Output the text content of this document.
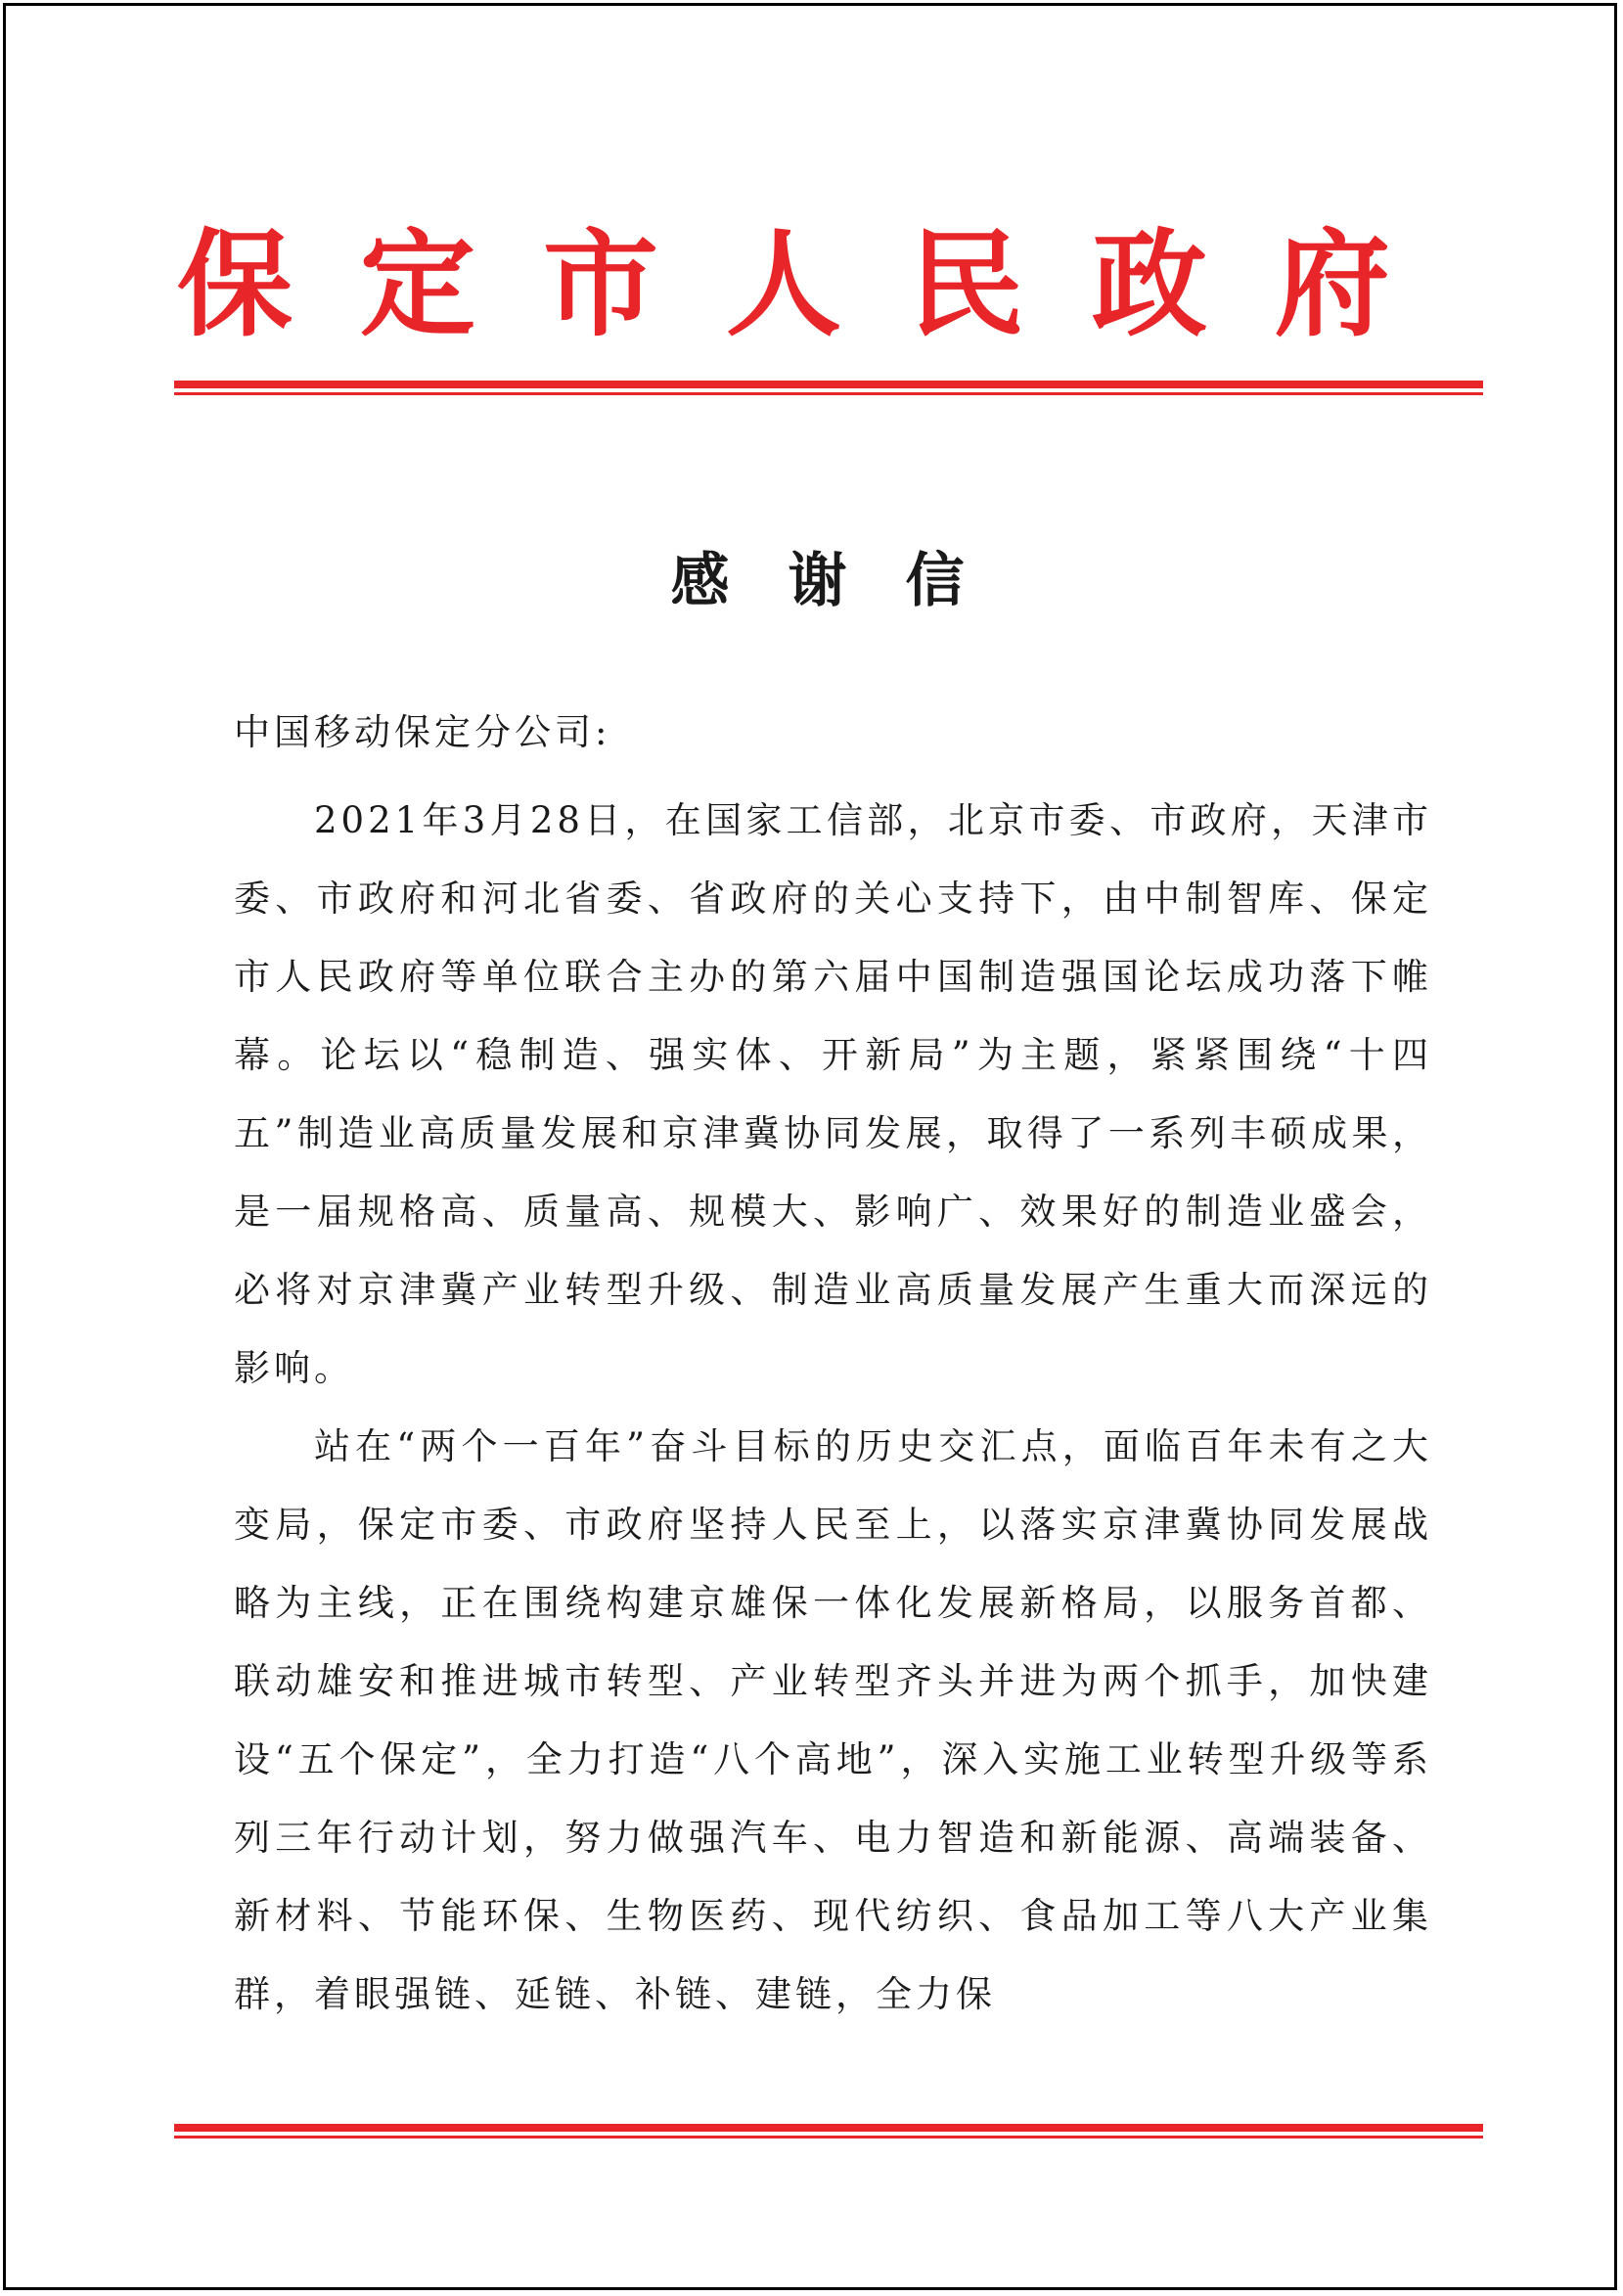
保 定 市 人 民 政 府
感谢信

中国移动保定分公司:

2021年3月28日，在国家工信部，北京市委、市政府，天津市委、市政府和河北省委、省政府的关心支持下，由中制智库、保定市人民政府等单位联合主办的第六届中国制造强国论坛成功落下帷幕。论坛以“稳制造、强实体、开新局”为主题，紧紧围绕“十四五”制造业高质量发展和京津冀协同发展，取得了一系列丰硕成果，是一届规格高、质量高、规模大、影响广、效果好的制造业盛会，必将对京津冀产业转型升级、制造业高质量发展产生重大而深远的影响。

站在“两个一百年”奋斗目标的历史交汇点，面临百年未有之大变局，保定市委、市政府坚持人民至上，以落实京津冀协同发展战略为主线，正在围绕构建京雄保一体化发展新格局，以服务首都、联动雄安和推进城市转型、产业转型齐头并进为两个抓手，加快建设“五个保定”，全力打造“八个高地”，深入实施工业转型升级等系列三年行动计划，努力做强汽车、电力智造和新能源、高端装备、新材料、节能环保、生物医药、现代纺织、食品加工等八大产业集群，着眼强链、延链、补链、建链，全力保
